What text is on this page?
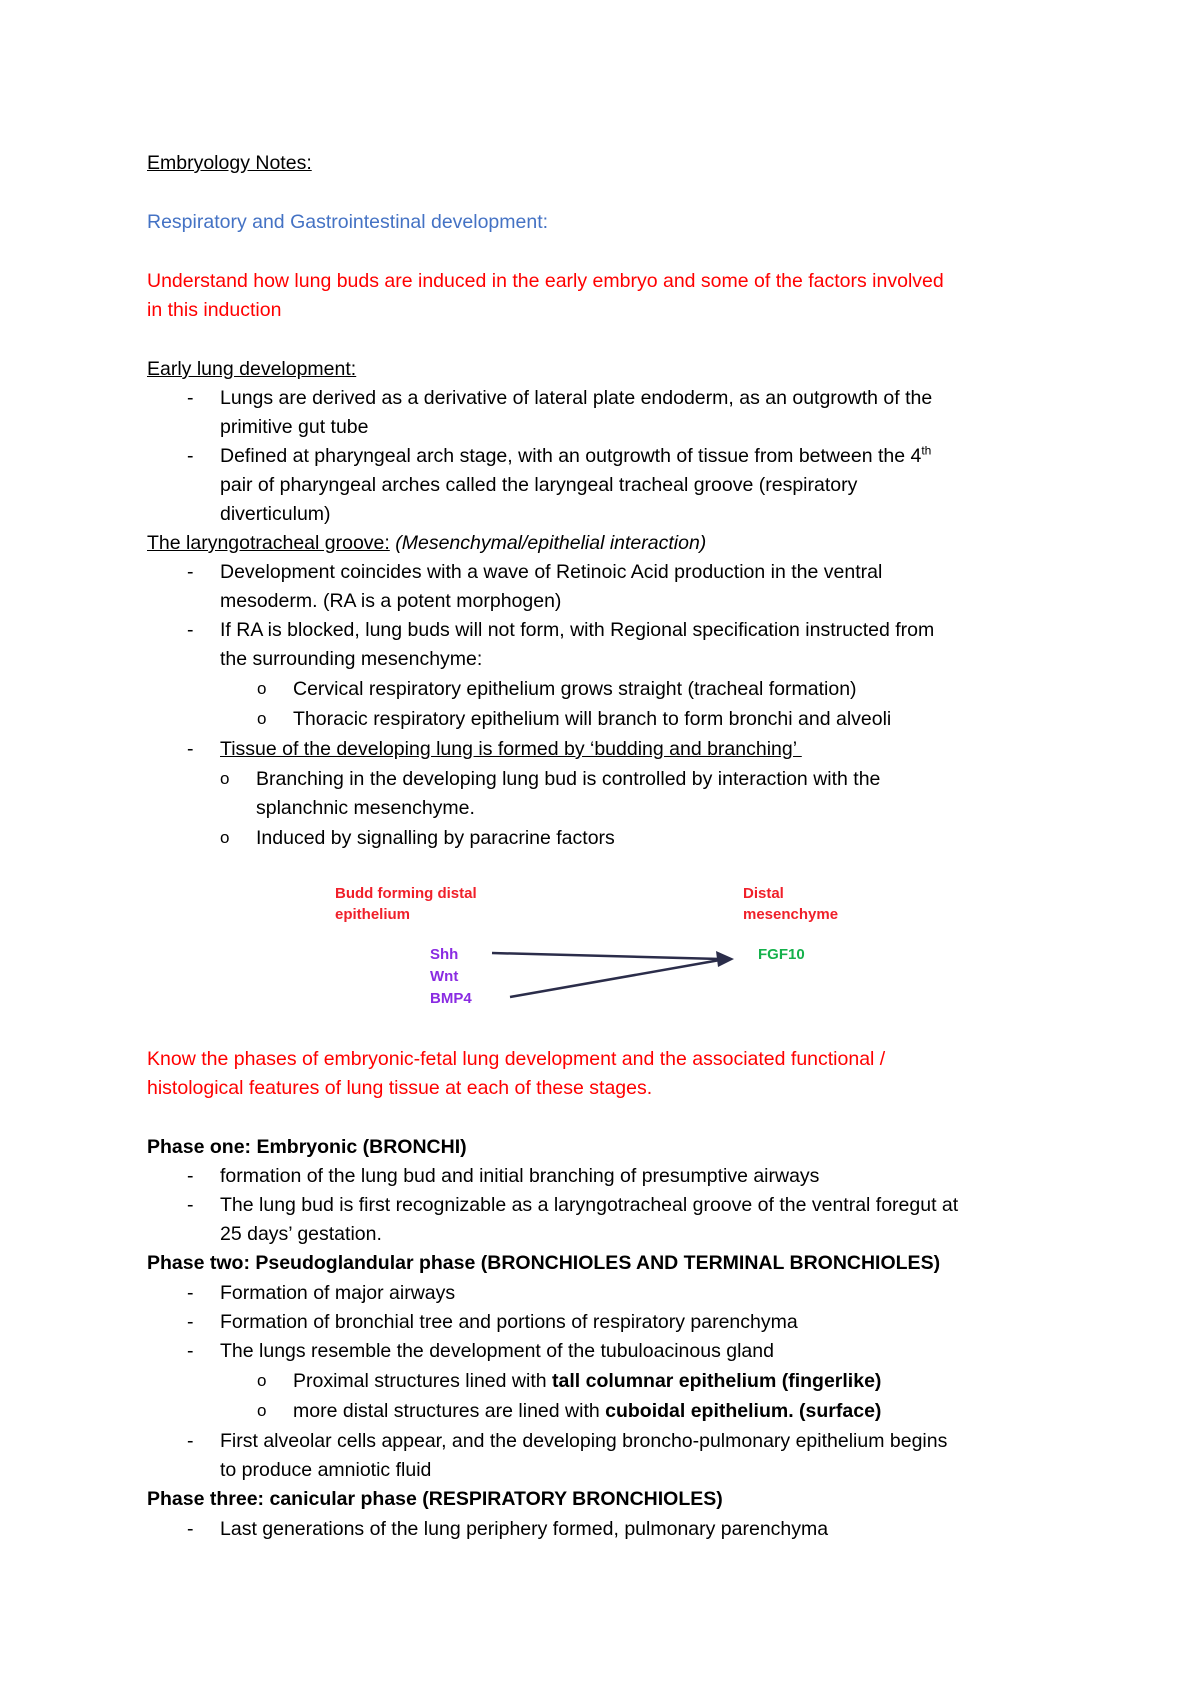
Embryology Notes:
Respiratory and Gastrointestinal development:
Understand how lung buds are induced in the early embryo and some of the factors involved
in this induction
Early lung development:
- Lungs are derived as a derivative of lateral plate endoderm, as an outgrowth of the
primitive gut tube
- Defined at pharyngeal arch stage, with an outgrowth of tissue from between the 4th
pair of pharyngeal arches called the laryngeal tracheal groove (respiratory
diverticulum)
The laryngotracheal groove: (Mesenchymal/epithelial interaction)
- Development coincides with a wave of Retinoic Acid production in the ventral
mesoderm. (RA is a potent morphogen)
- If RA is blocked, lung buds will not form, with Regional specification instructed from
the surrounding mesenchyme:
o Cervical respiratory epithelium grows straight (tracheal formation)
o Thoracic respiratory epithelium will branch to form bronchi and alveoli
- Tissue of the developing lung is formed by ‘budding and branching’
o Branching in the developing lung bud is controlled by interaction with the
splanchnic mesenchyme.
o Induced by signalling by paracrine factors
Budd forming distal
epithelium
Distal
mesenchyme
Shh
Wnt
BMP4
FGF10
Know the phases of embryonic-fetal lung development and the associated functional /
histological features of lung tissue at each of these stages.
Phase one: Embryonic (BRONCHI)
- formation of the lung bud and initial branching of presumptive airways
- The lung bud is first recognizable as a laryngotracheal groove of the ventral foregut at
25 days’ gestation.
Phase two: Pseudoglandular phase (BRONCHIOLES AND TERMINAL BRONCHIOLES)
- Formation of major airways
- Formation of bronchial tree and portions of respiratory parenchyma
- The lungs resemble the development of the tubuloacinous gland
o Proximal structures lined with tall columnar epithelium (fingerlike)
o more distal structures are lined with cuboidal epithelium. (surface)
- First alveolar cells appear, and the developing broncho-pulmonary epithelium begins
to produce amniotic fluid
Phase three: canicular phase (RESPIRATORY BRONCHIOLES)
- Last generations of the lung periphery formed, pulmonary parenchyma
